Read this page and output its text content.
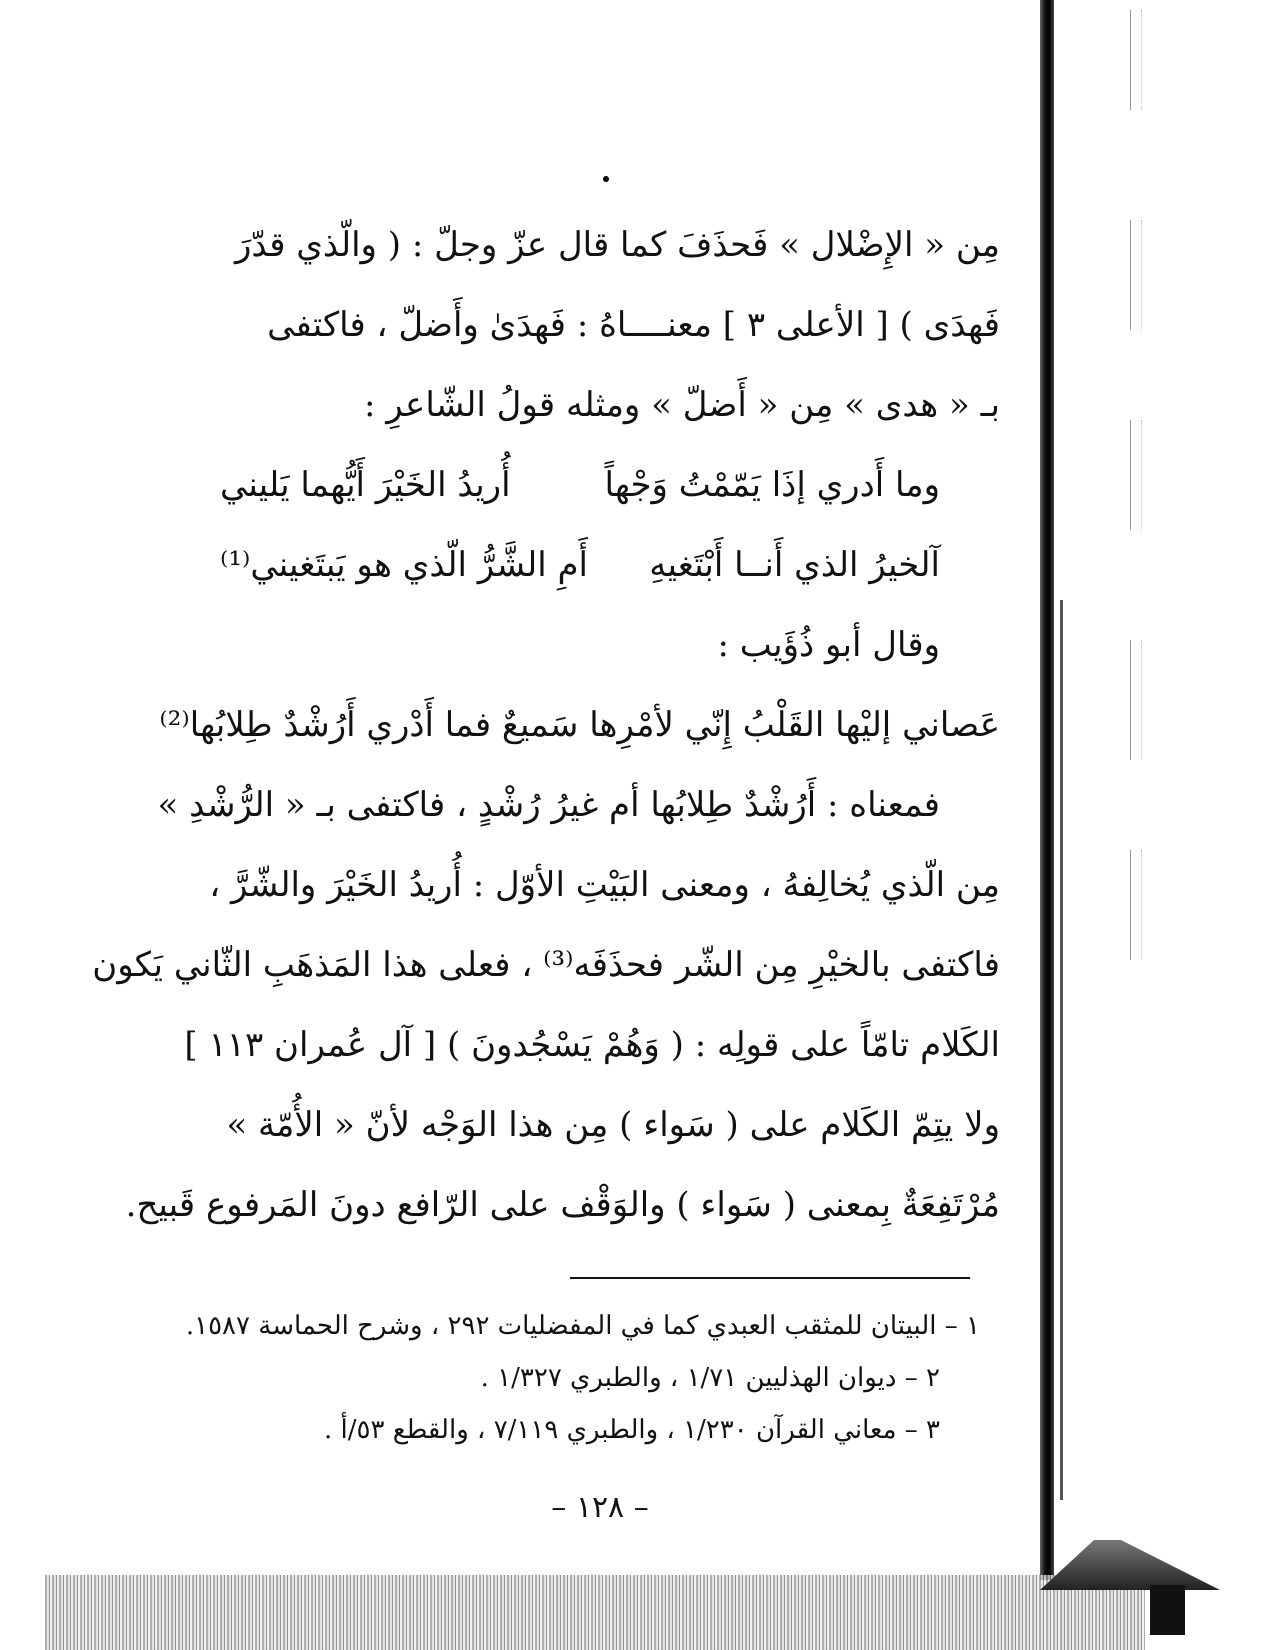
مِن « الإِضْلال » فَحذَفَ كما قال عزّ وجلّ : ( والّذي قدّرَ
فَهدَى ) [ الأعلى ٣ ] معنــــاهُ : فَهدَىٰ وأَضلّ ، فاكتفى
بـ « هدى » مِن « أَضلّ » ومثله قولُ الشّاعرِ :
وما أَدري إذَا يَمّمْتُ وَجْهاً
أُريدُ الخَيْرَ أَيُّهما يَليني
آلخيرُ الذي أَنــا أَبْتَغيهِ
أَمِ الشَّرُّ الّذي هو يَبتَغيني⁽¹⁾
وقال أبو ذُؤَيب :
عَصاني إليْها القَلْبُ إِنّي لأمْرِها سَميعٌ فما أَدْري أَرُشْدٌ طِلابُها⁽²⁾
فمعناه : أَرُشْدٌ طِلابُها أم غيرُ رُشْدٍ ، فاكتفى بـ « الرُّشْدِ »
مِن الّذي يُخالِفهُ ، ومعنى البَيْتِ الأوّل : أُريدُ الخَيْرَ والشّرَّ ،
فاكتفى بالخيْرِ مِن الشّر فحذَفَه⁽³⁾ ، فعلى هذا المَذهَبِ الثّاني يَكون
الكَلام تامّاً على قولِه : ( وَهُمْ يَسْجُدونَ ) [ آل عُمران ١١٣ ]
ولا يتِمّ الكَلام على ( سَواء ) مِن هذا الوَجْه لأنّ « الأُمّة »
مُرْتَفِعَةٌ بِمعنى ( سَواء ) والوَقْف على الرّافع دونَ المَرفوع قَبيح.
١ – البيتان للمثقب العبدي كما في المفضليات ٢٩٢ ، وشرح الحماسة ١٥٨٧.
٢ – ديوان الهذليين ١/٧١ ، والطبري ١/٣٢٧ .
٣ – معاني القرآن ١/٢٣٠ ، والطبري ٧/١١٩ ، والقطع ٥٣/أ .
– ١٢٨ –
